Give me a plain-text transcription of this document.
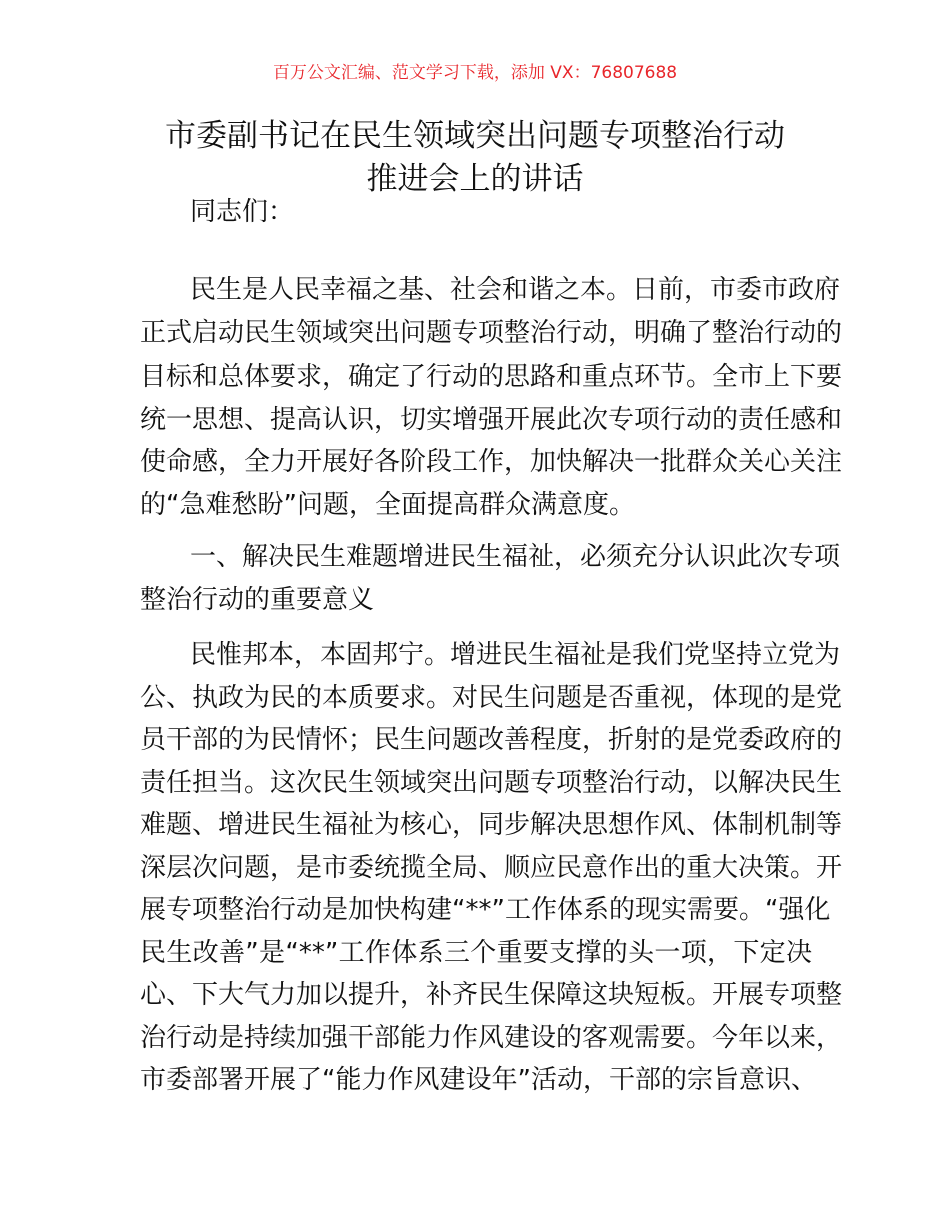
百万公文汇编、范文学习下载，添加 VX：76807688
市委副书记在民生领域突出问题专项整治行动
推进会上的讲话
同志们：
民生是人民幸福之基、社会和谐之本。日前，市委市政府
正式启动民生领域突出问题专项整治行动，明确了整治行动的
目标和总体要求，确定了行动的思路和重点环节。全市上下要
统一思想、提高认识，切实增强开展此次专项行动的责任感和
使命感，全力开展好各阶段工作，加快解决一批群众关心关注
的“急难愁盼”问题，全面提高群众满意度。
一、解决民生难题增进民生福祉，必须充分认识此次专项
整治行动的重要意义
民惟邦本，本固邦宁。增进民生福祉是我们党坚持立党为
公、执政为民的本质要求。对民生问题是否重视，体现的是党
员干部的为民情怀；民生问题改善程度，折射的是党委政府的
责任担当。这次民生领域突出问题专项整治行动，以解决民生
难题、增进民生福祉为核心，同步解决思想作风、体制机制等
深层次问题，是市委统揽全局、顺应民意作出的重大决策。开
展专项整治行动是加快构建“**”工作体系的现实需要。“强化
民生改善”是“**”工作体系三个重要支撑的头一项，下定决
心、下大气力加以提升，补齐民生保障这块短板。开展专项整
治行动是持续加强干部能力作风建设的客观需要。今年以来，
市委部署开展了“能力作风建设年”活动，干部的宗旨意识、
